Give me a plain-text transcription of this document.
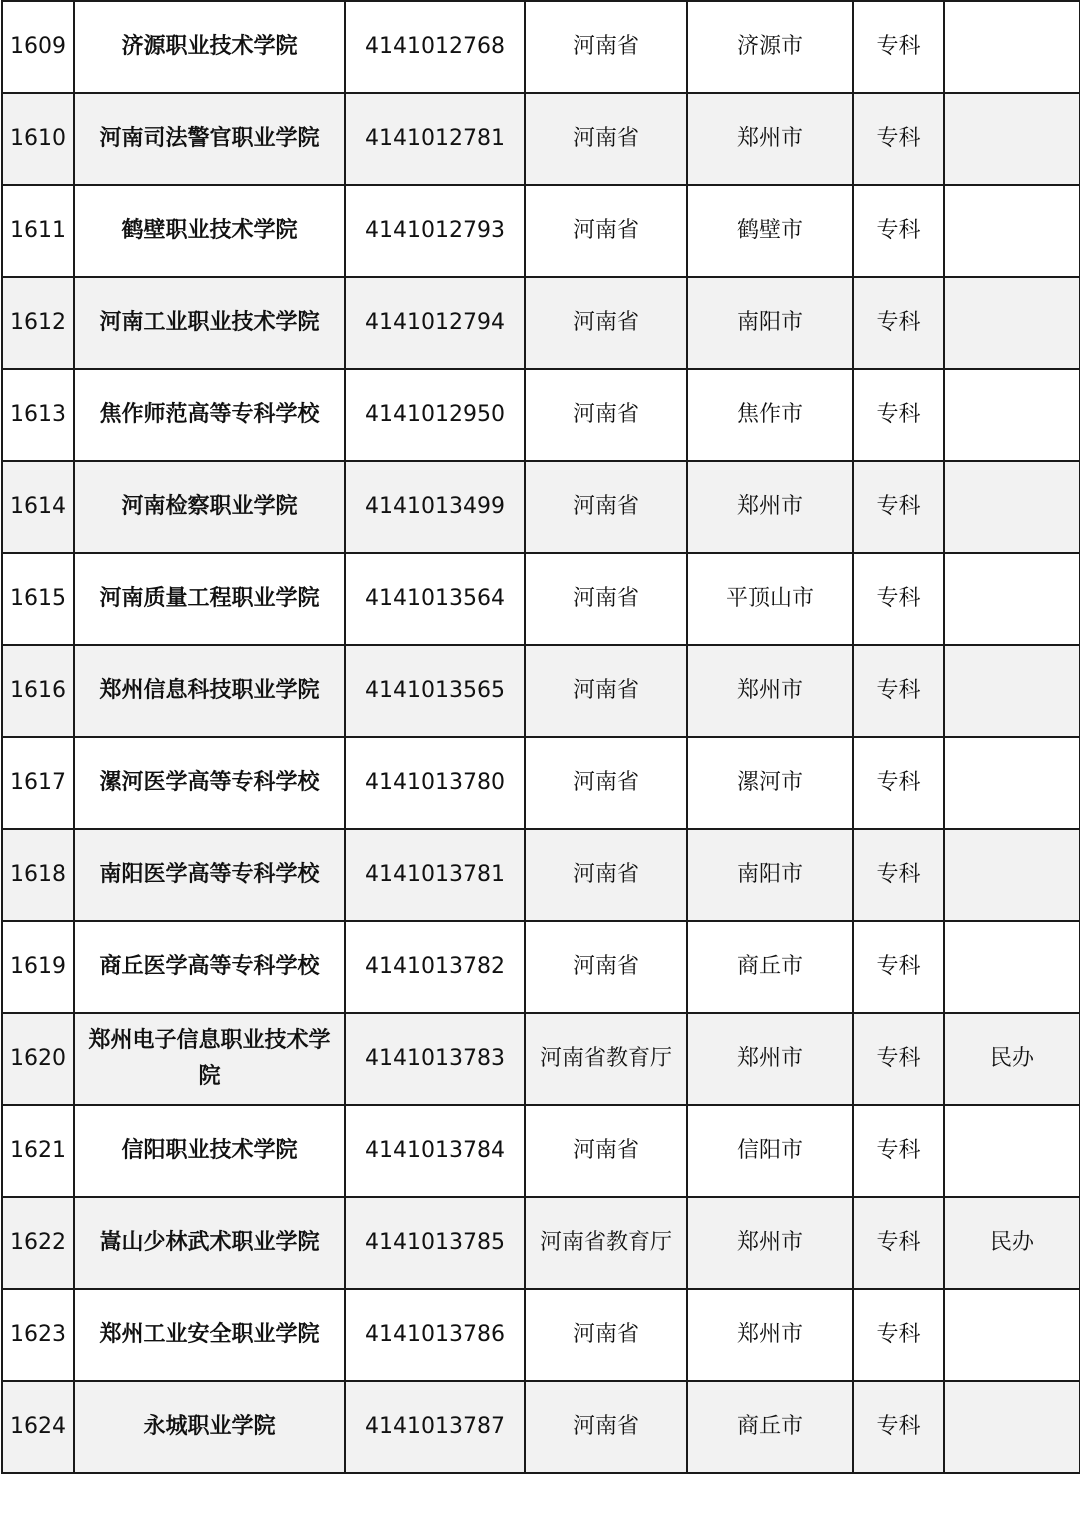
1609	济源职业技术学院	4141012768	河南省	济源市	专科	
1610	河南司法警官职业学院	4141012781	河南省	郑州市	专科	
1611	鹤壁职业技术学院	4141012793	河南省	鹤壁市	专科	
1612	河南工业职业技术学院	4141012794	河南省	南阳市	专科	
1613	焦作师范高等专科学校	4141012950	河南省	焦作市	专科	
1614	河南检察职业学院	4141013499	河南省	郑州市	专科	
1615	河南质量工程职业学院	4141013564	河南省	平顶山市	专科	
1616	郑州信息科技职业学院	4141013565	河南省	郑州市	专科	
1617	漯河医学高等专科学校	4141013780	河南省	漯河市	专科	
1618	南阳医学高等专科学校	4141013781	河南省	南阳市	专科	
1619	商丘医学高等专科学校	4141013782	河南省	商丘市	专科	
1620	郑州电子信息职业技术学院	4141013783	河南省教育厅	郑州市	专科	民办
1621	信阳职业技术学院	4141013784	河南省	信阳市	专科	
1622	嵩山少林武术职业学院	4141013785	河南省教育厅	郑州市	专科	民办
1623	郑州工业安全职业学院	4141013786	河南省	郑州市	专科	
1624	永城职业学院	4141013787	河南省	商丘市	专科	
